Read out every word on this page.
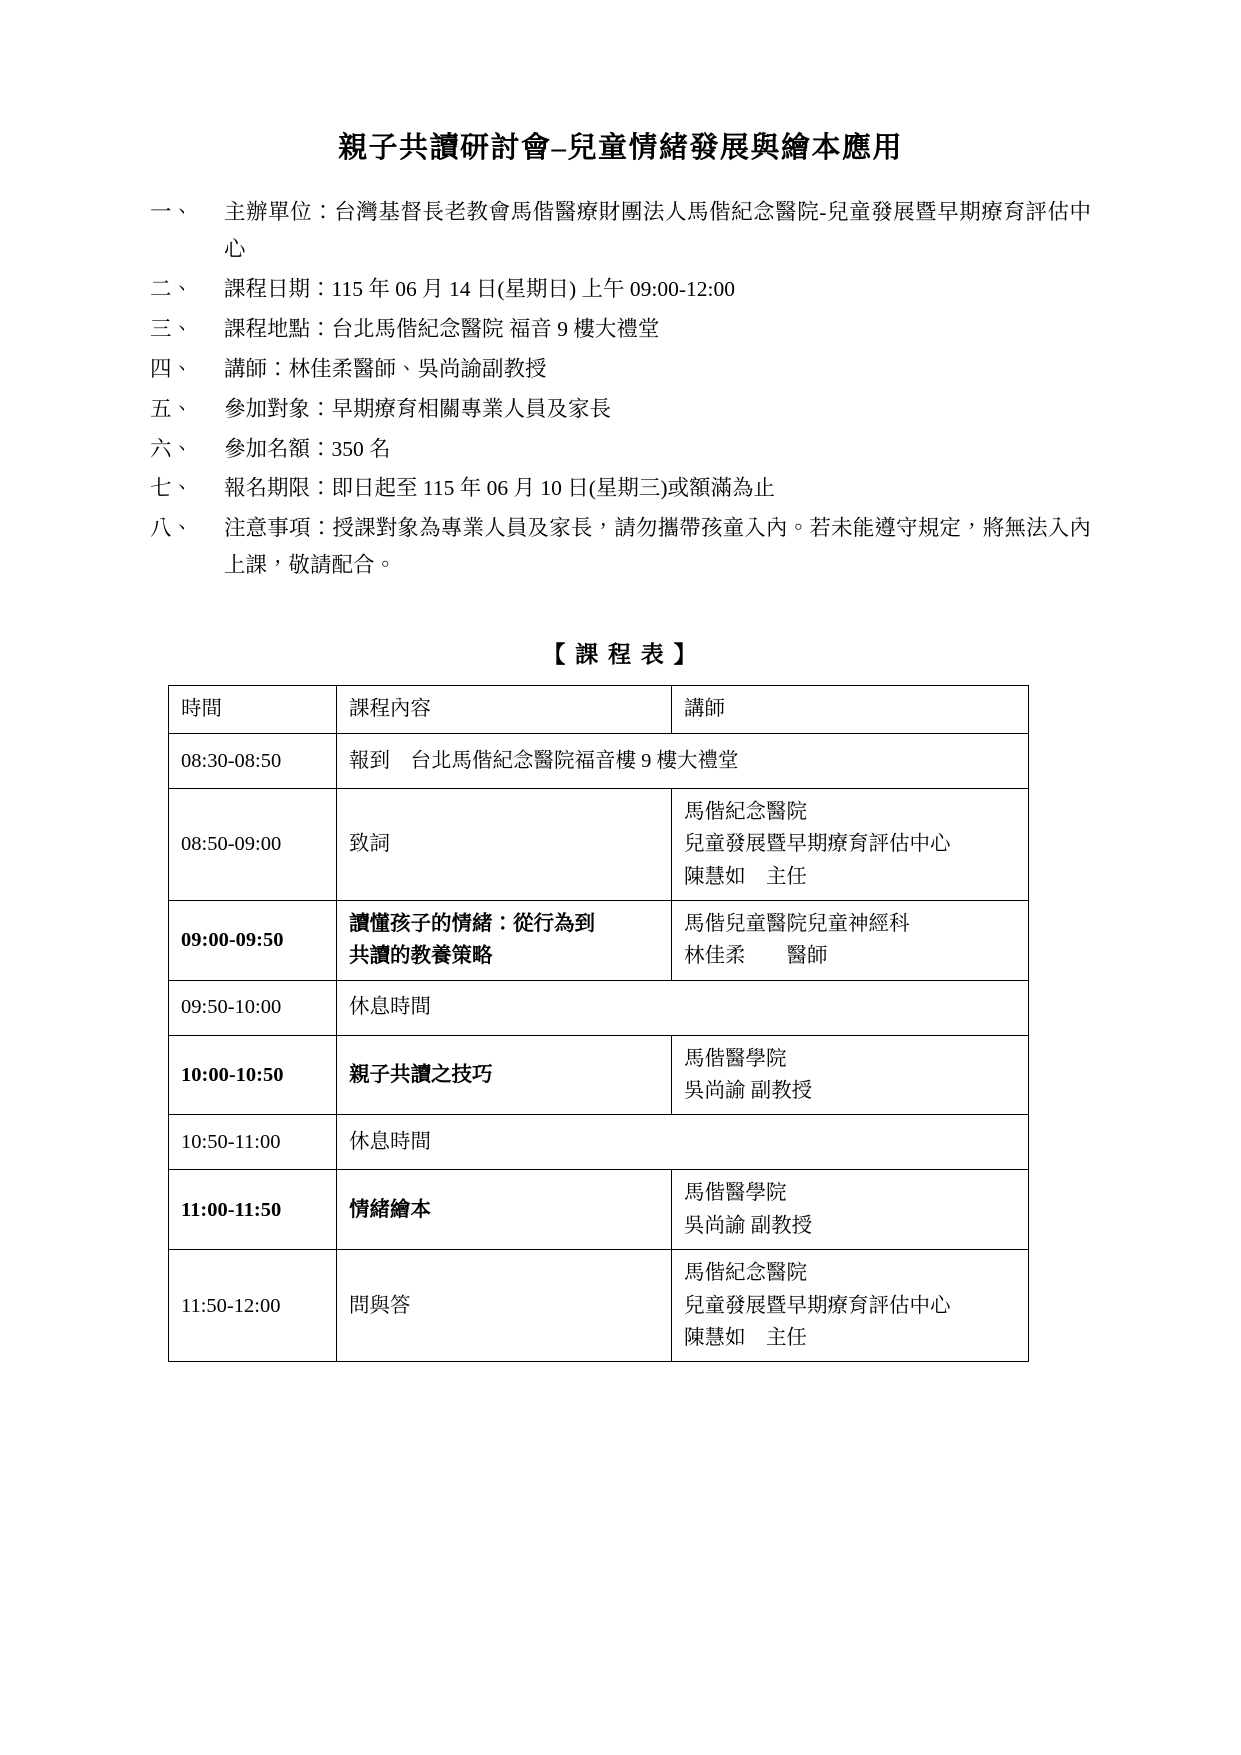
親子共讀研討會–兒童情緒發展與繪本應用
一、	主辦單位：台灣基督長老教會馬偕醫療財團法人馬偕紀念醫院-兒童發展暨早期療育評估中心
二、	課程日期：115 年 06 月 14 日(星期日) 上午 09:00-12:00
三、	課程地點：台北馬偕紀念醫院 福音 9 樓大禮堂
四、	講師：林佳柔醫師、吳尚諭副教授
五、	參加對象：早期療育相關專業人員及家長
六、	參加名額：350 名
七、	報名期限：即日起至 115 年 06 月 10 日(星期三)或額滿為止
八、	注意事項：授課對象為專業人員及家長，請勿攜帶孩童入內。若未能遵守規定，將無法入內上課，敬請配合。
【 課 程 表 】
時間	課程內容	講師

08:30-08:50	報到　台北馬偕紀念醫院福音樓 9 樓大禮堂	

08:50-09:00	致詞	馬偕紀念醫院
兒童發展暨早期療育評估中心
陳慧如　主任

09:00-09:50	讀懂孩子的情緒：從行為到
共讀的教養策略	馬偕兒童醫院兒童神經科
林佳柔　　醫師

09:50-10:00	休息時間	

10:00-10:50	親子共讀之技巧	馬偕醫學院
吳尚諭 副教授

10:50-11:00	休息時間	

11:00-11:50	情緒繪本	馬偕醫學院
吳尚諭 副教授

11:50-12:00	問與答	馬偕紀念醫院
兒童發展暨早期療育評估中心
陳慧如　主任
